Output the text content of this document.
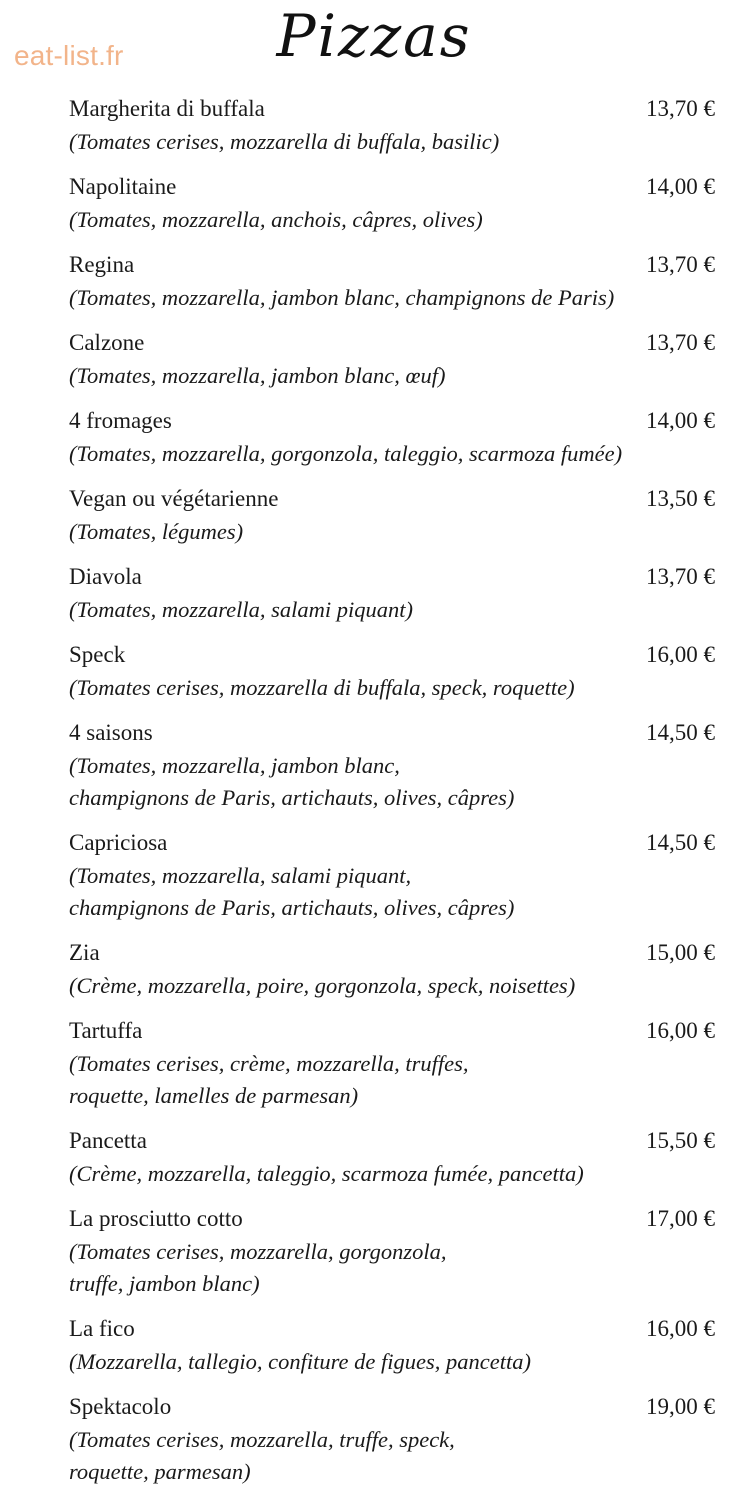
eat-list.fr	Pizzas
Margherita di buffala	13,70 €
(Tomates cerises, mozzarella di buffala, basilic)
Napolitaine	14,00 €
(Tomates, mozzarella, anchois, câpres, olives)
Regina	13,70 €
(Tomates, mozzarella, jambon blanc, champignons de Paris)
Calzone	13,70 €
(Tomates, mozzarella, jambon blanc, œuf)
4 fromages	14,00 €
(Tomates, mozzarella, gorgonzola, taleggio, scarmoza fumée)
Vegan ou végétarienne	13,50 €
(Tomates, légumes)
Diavola	13,70 €
(Tomates, mozzarella, salami piquant)
Speck	16,00 €
(Tomates cerises, mozzarella di buffala, speck, roquette)
4 saisons	14,50 €
(Tomates, mozzarella, jambon blanc,
champignons de Paris, artichauts, olives, câpres)
Capriciosa	14,50 €
(Tomates, mozzarella, salami piquant,
champignons de Paris, artichauts, olives, câpres)
Zia	15,00 €
(Crème, mozzarella, poire, gorgonzola, speck, noisettes)
Tartuffa	16,00 €
(Tomates cerises, crème, mozzarella, truffes,
roquette, lamelles de parmesan)
Pancetta	15,50 €
(Crème, mozzarella, taleggio, scarmoza fumée, pancetta)
La prosciutto cotto	17,00 €
(Tomates cerises, mozzarella, gorgonzola,
truffe, jambon blanc)
La fico	16,00 €
(Mozzarella, tallegio, confiture de figues, pancetta)
Spektacolo	19,00 €
(Tomates cerises, mozzarella, truffe, speck,
roquette, parmesan)
